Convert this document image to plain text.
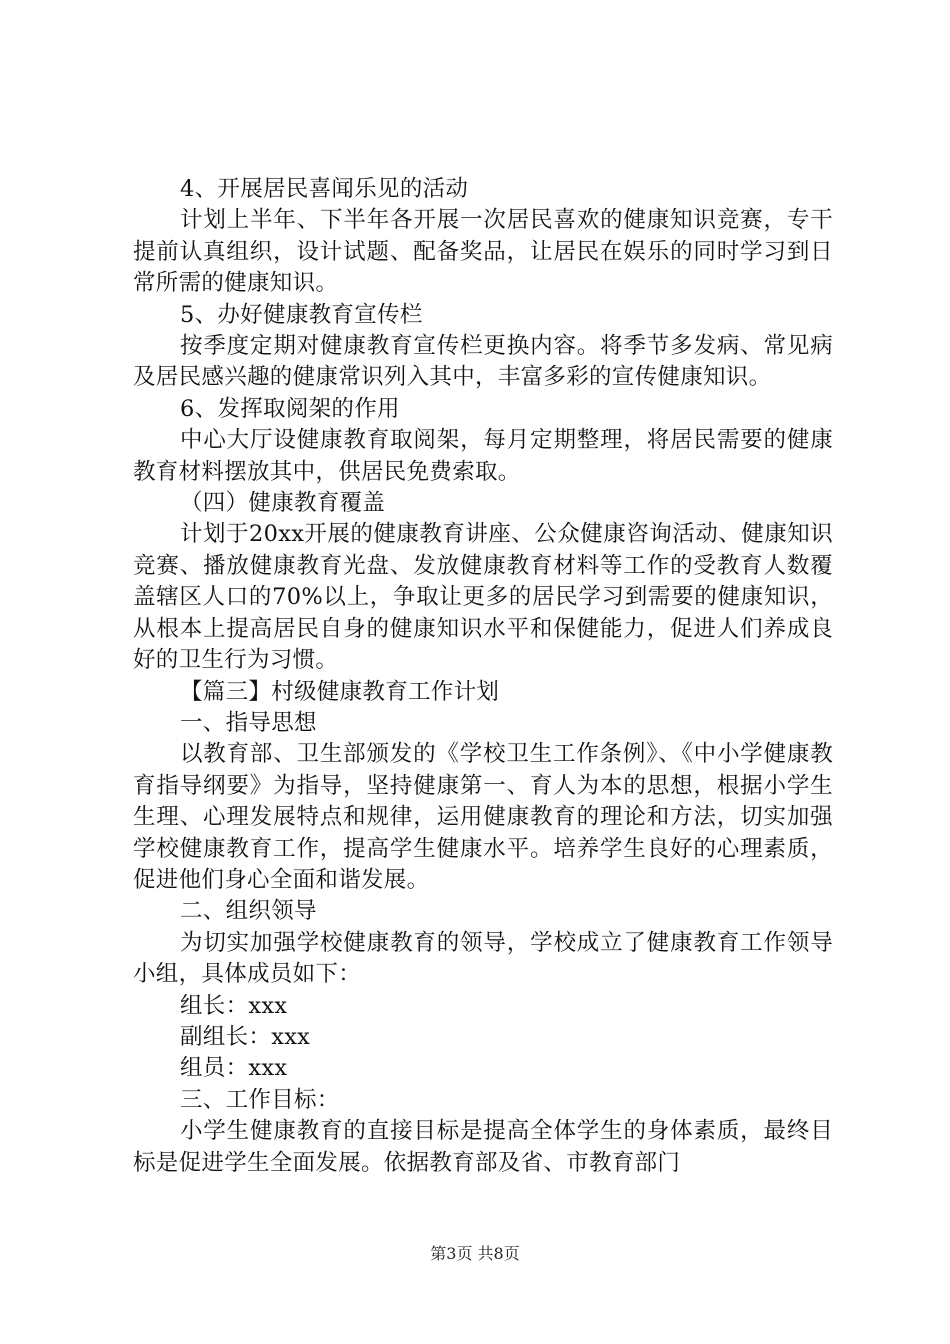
4、开展居民喜闻乐见的活动

计划上半年、下半年各开展一次居民喜欢的健康知识竞赛，专干提前认真组织，设计试题、配备奖品，让居民在娱乐的同时学习到日常所需的健康知识。

5、办好健康教育宣传栏

按季度定期对健康教育宣传栏更换内容。将季节多发病、常见病及居民感兴趣的健康常识列入其中，丰富多彩的宣传健康知识。

6、发挥取阅架的作用

中心大厅设健康教育取阅架，每月定期整理，将居民需要的健康教育材料摆放其中，供居民免费索取。

（四）健康教育覆盖

计划于20xx开展的健康教育讲座、公众健康咨询活动、健康知识竞赛、播放健康教育光盘、发放健康教育材料等工作的受教育人数覆盖辖区人口的70%以上，争取让更多的居民学习到需要的健康知识，从根本上提高居民自身的健康知识水平和保健能力，促进人们养成良好的卫生行为习惯。

【篇三】村级健康教育工作计划

一、指导思想

以教育部、卫生部颁发的《学校卫生工作条例》、《中小学健康教育指导纲要》为指导，坚持健康第一、育人为本的思想，根据小学生生理、心理发展特点和规律，运用健康教育的理论和方法，切实加强学校健康教育工作，提高学生健康水平。培养学生良好的心理素质，促进他们身心全面和谐发展。

二、组织领导

为切实加强学校健康教育的领导，学校成立了健康教育工作领导小组，具体成员如下：

组长：xxx

副组长：xxx

组员：xxx

三、工作目标：

小学生健康教育的直接目标是提高全体学生的身体素质，最终目标是促进学生全面发展。依据教育部及省、市教育部门

第3页 共8页
